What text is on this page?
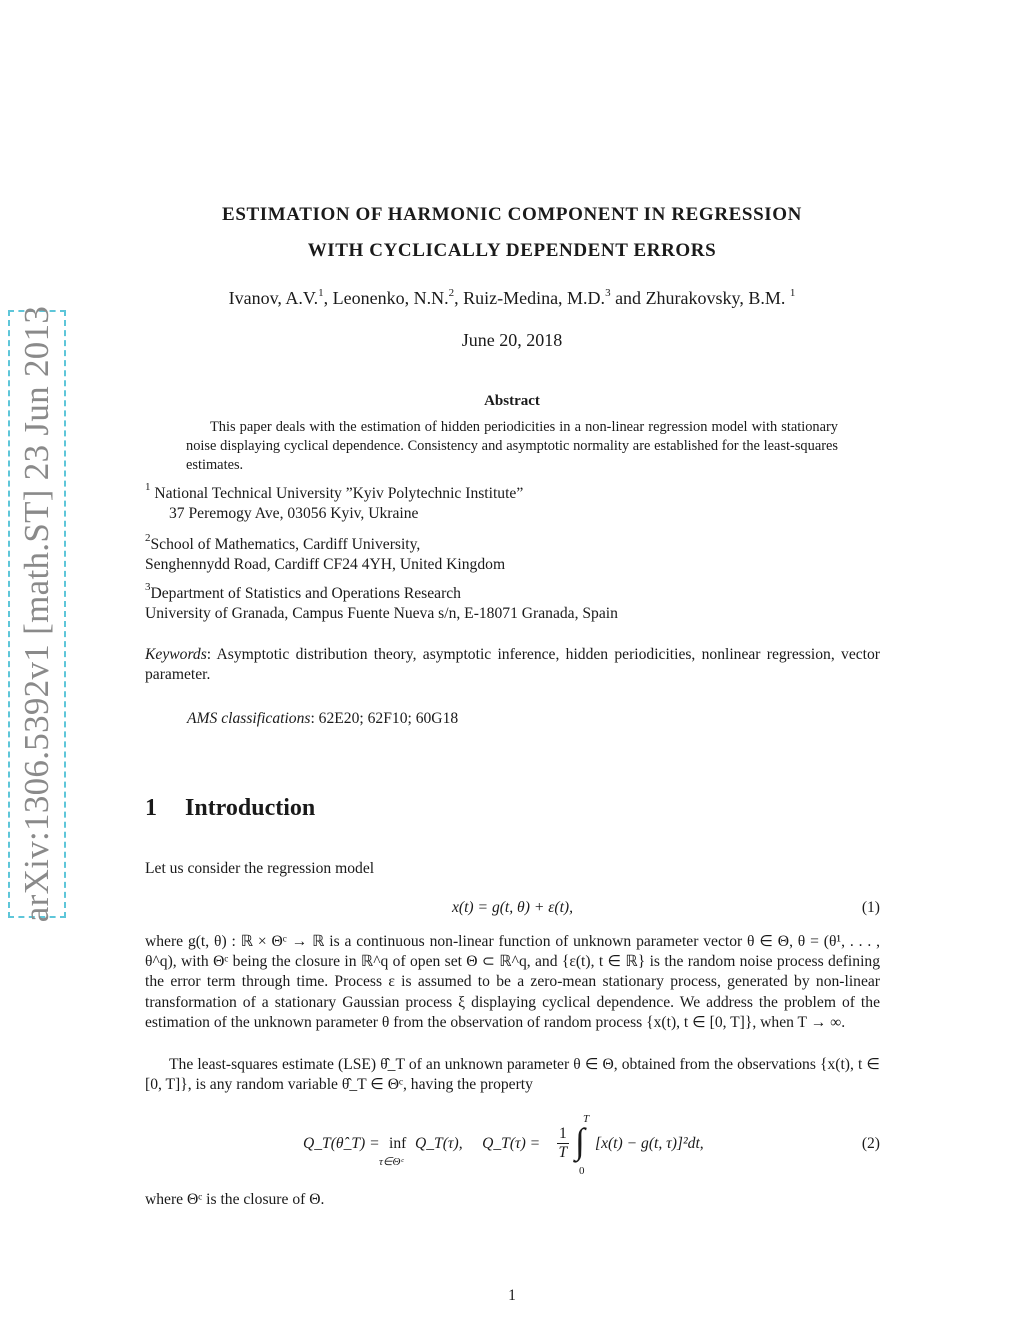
arXiv:1306.5392v1 [math.ST] 23 Jun 2013
ESTIMATION OF HARMONIC COMPONENT IN REGRESSION
WITH CYCLICALLY DEPENDENT ERRORS
Ivanov, A.V.$^1$, Leonenko, N.N.$^2$, Ruiz-Medina, M.D.$^3$ and Zhurakovsky, B.M. $^1$
June 20, 2018
Abstract
This paper deals with the estimation of hidden periodicities in a non-linear regression model with stationary noise displaying cyclical dependence. Consistency and asymptotic normality are established for the least-squares estimates.
$^1$ National Technical University ”Kyiv Polytechnic Institute”
37 Peremogy Ave, 03056 Kyiv, Ukraine
$^2$School of Mathematics, Cardiff University,
Senghennydd Road, Cardiff CF24 4YH, United Kingdom
$^3$Department of Statistics and Operations Research
University of Granada, Campus Fuente Nueva s/n, E-18071 Granada, Spain
Keywords: Asymptotic distribution theory, asymptotic inference, hidden periodicities, nonlinear regression, vector parameter.
AMS classifications: 62E20; 62F10; 60G18
1 Introduction
Let us consider the regression model
x(t) = g(t, θ) + ε(t),	(1)
where g(t, θ) : ℝ × Θᶜ → ℝ is a continuous non-linear function of unknown parameter vector θ ∈ Θ, θ = (θ¹, . . . , θ^q), with Θᶜ being the closure in ℝ^q of open set Θ ⊂ ℝ^q, and {ε(t), t ∈ ℝ} is the random noise process defining the error term through time. Process ε is assumed to be a zero-mean stationary process, generated by non-linear transformation of a stationary Gaussian process ξ displaying cyclical dependence. We address the problem of the estimation of the unknown parameter θ from the observation of random process {x(t), t ∈ [0, T]}, when T → ∞.
The least-squares estimate (LSE) θ̂_T of an unknown parameter θ ∈ Θ, obtained from the observations {x(t), t ∈ [0, T]}, is any random variable θ̂_T ∈ Θᶜ, having the property
Q_T(θ̂_T) = inf
τ∈Θᶜ
Q_T(τ),     Q_T(τ) = $\frac{1}{T}$
T
∫
0
[x(t) − g(t, τ)]²dt,	(2)
where Θᶜ is the closure of Θ.
1
